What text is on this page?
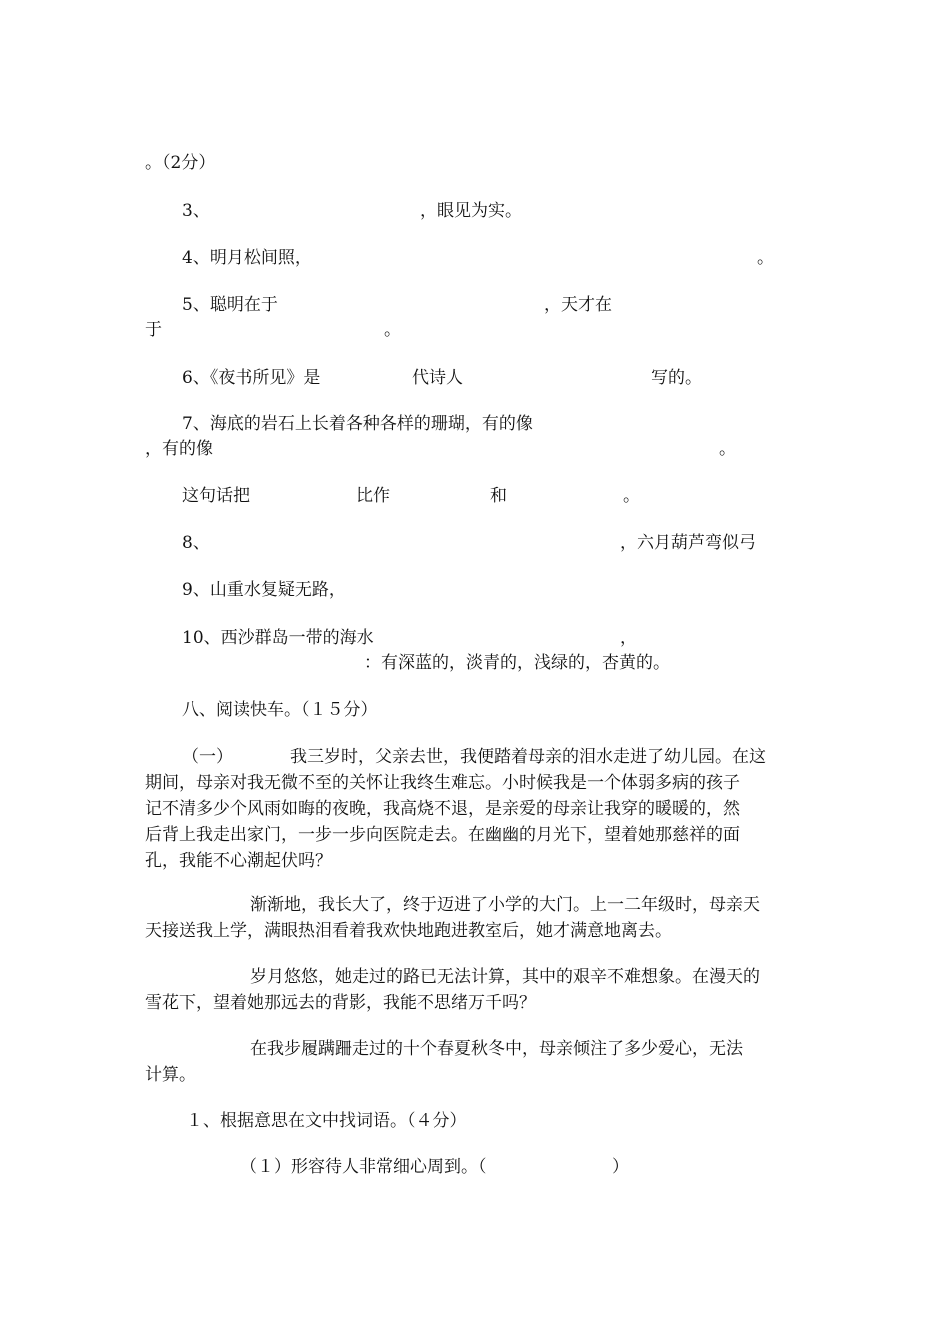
。（2分）
3、	，眼见为实。
4、明月松间照，	。
5、聪明在于	，天才在
于	。
6、《夜书所见》是	代诗人	写的。
7、海底的岩石上长着各种各样的珊瑚，有的像
，有的像	。
这句话把	比作	和	。
8、	，六月葫芦弯似弓
9、山重水复疑无路，
10、西沙群岛一带的海水	，
：有深蓝的，淡青的，浅绿的，杏黄的。
八、阅读快车。（１５分）
（一）	我三岁时，父亲去世，我便踏着母亲的泪水走进了幼儿园。在这
期间，母亲对我无微不至的关怀让我终生难忘。小时候我是一个体弱多病的孩子
记不清多少个风雨如晦的夜晚，我高烧不退，是亲爱的母亲让我穿的暖暖的，然
后背上我走出家门，一步一步向医院走去。在幽幽的月光下，望着她那慈祥的面
孔，我能不心潮起伏吗？
渐渐地，我长大了，终于迈进了小学的大门。上一二年级时，母亲天
天接送我上学，满眼热泪看着我欢快地跑进教室后，她才满意地离去。
岁月悠悠，她走过的路已无法计算，其中的艰辛不难想象。在漫天的
雪花下，望着她那远去的背影，我能不思绪万千吗？
在我步履蹒跚走过的十个春夏秋冬中，母亲倾注了多少爱心，无法
计算。
１、根据意思在文中找词语。（４分）
（１）形容待人非常细心周到。（	）
